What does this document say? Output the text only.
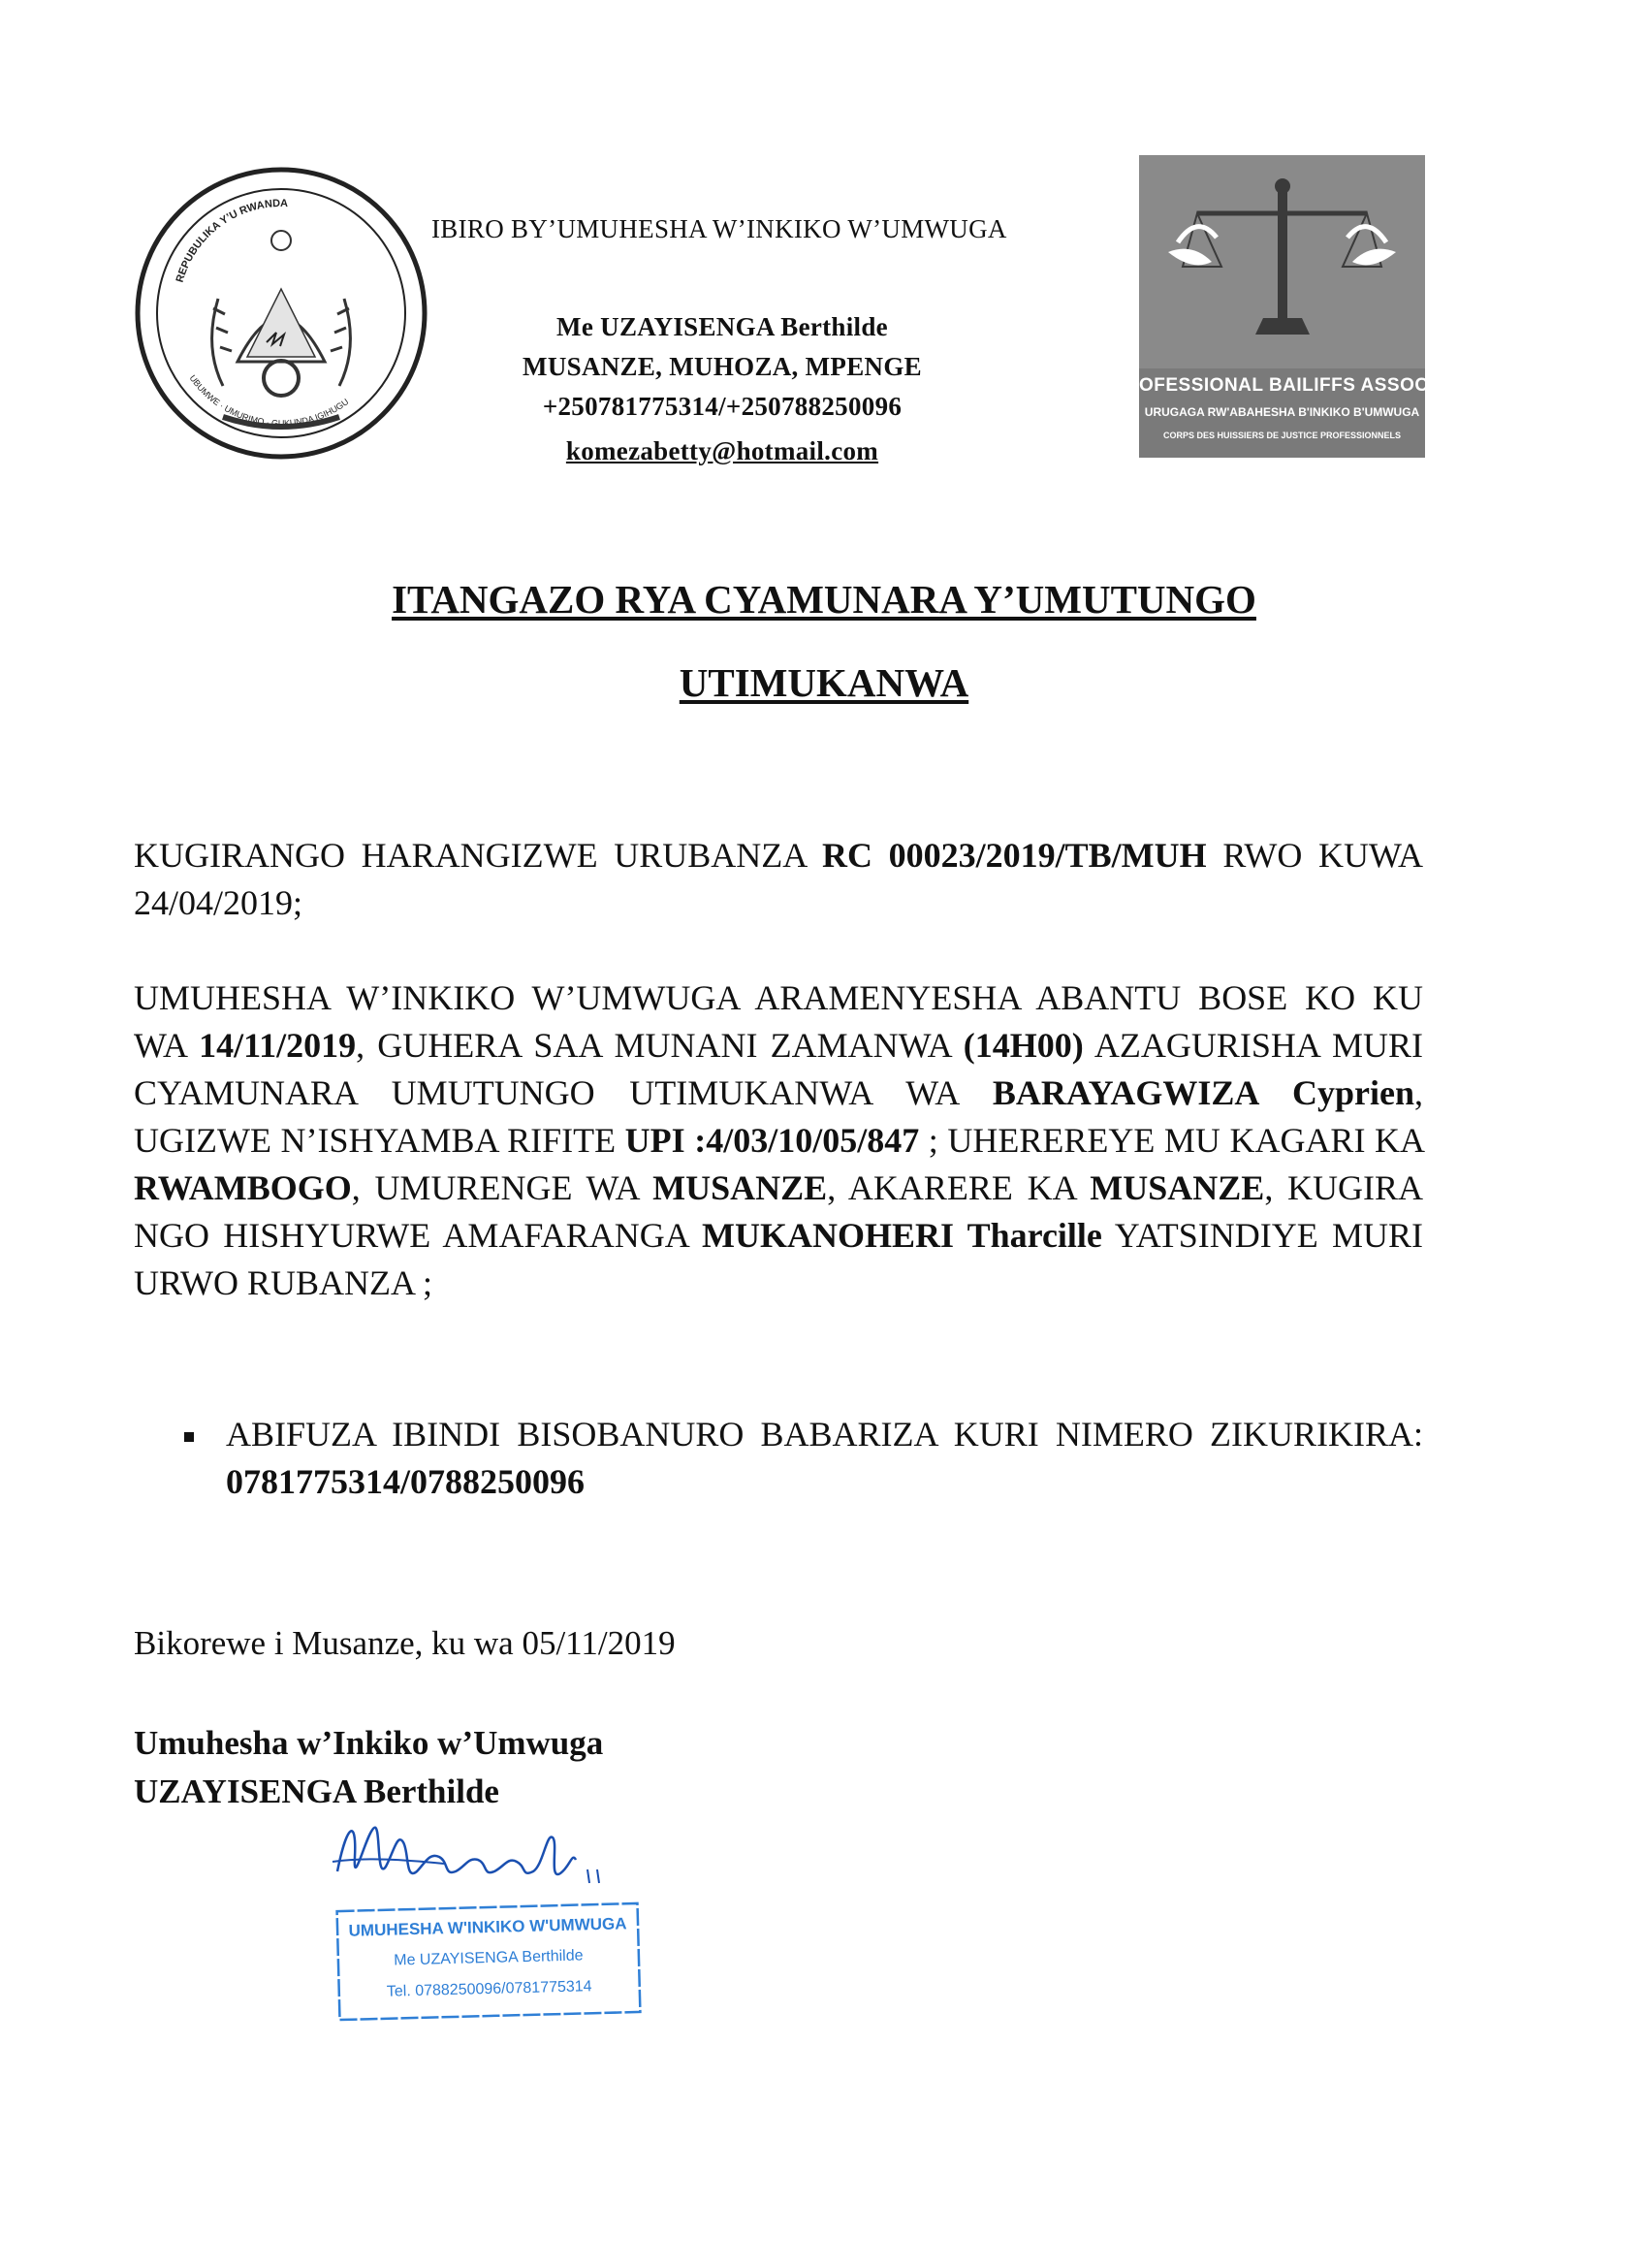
REPUBULIKA Y’U RWANDA
UBUMWE · UMURIMO · GUKUNDA IGIHUGU
IBIRO BY’UMUHESHA W’INKIKO W’UMWUGA
Me UZAYISENGA Berthilde
MUSANZE, MUHOZA, MPENGE
+250781775314/+250788250096
komezabetty@hotmail.com
OFESSIONAL BAILIFFS ASSOCIATIO
URUGAGA RW'ABAHESHA B'INKIKO B'UMWUGA
CORPS DES HUISSIERS DE JUSTICE PROFESSIONNELS
ITANGAZO RYA CYAMUNARA Y’UMUTUNGO
UTIMUKANWA
KUGIRANGO HARANGIZWE URUBANZA RC 00023/2019/TB/MUH RWO KUWA 24/04/2019;
UMUHESHA W’INKIKO W’UMWUGA ARAMENYESHA ABANTU BOSE KO KU WA 14/11/2019, GUHERA SAA MUNANI ZAMANWA (14H00) AZAGURISHA MURI CYAMUNARA UMUTUNGO UTIMUKANWA WA BARAYAGWIZA Cyprien, UGIZWE N’ISHYAMBA RIFITE UPI :4/03/10/05/847 ; UHEREREYE MU KAGARI KA RWAMBOGO, UMURENGE WA MUSANZE, AKARERE KA MUSANZE, KUGIRA NGO HISHYURWE AMAFARANGA MUKANOHERI Tharcille YATSINDIYE MURI URWO RUBANZA ;
ABIFUZA IBINDI BISOBANURO BABARIZA KURI NIMERO ZIKURIKIRA: 0781775314/0788250096
Bikorewe i Musanze, ku wa 05/11/2019
Umuhesha w’Inkiko w’Umwuga
UZAYISENGA Berthilde
UMUHESHA W'INKIKO W'UMWUGA
Me UZAYISENGA Berthilde
Tel. 0788250096/0781775314
